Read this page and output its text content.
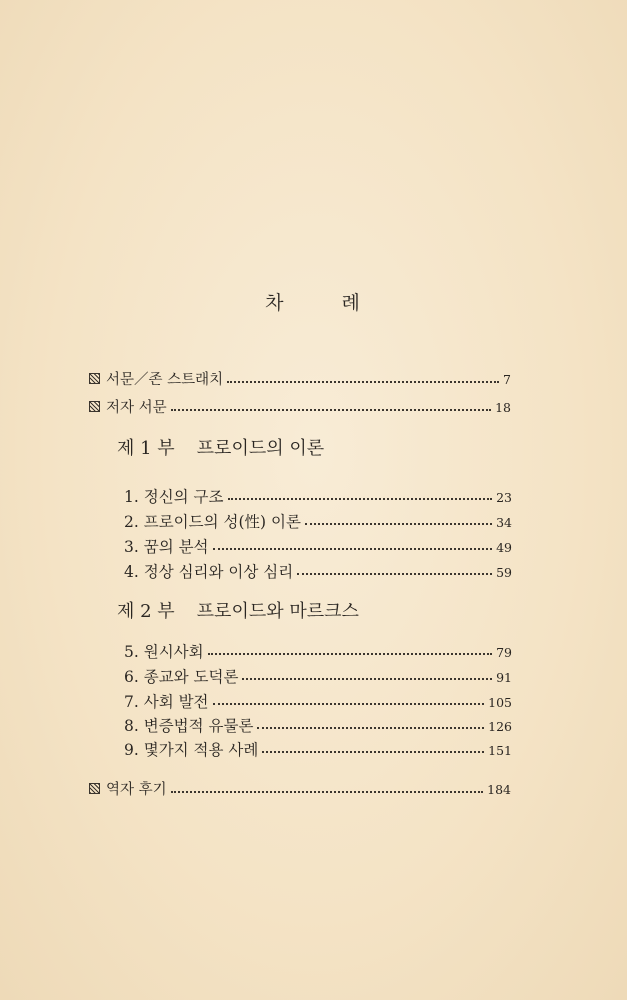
차 례
서문／존 스트래치	7
저자 서문	18
제 1 부 프로이드의 이론
1. 정신의 구조	23
2. 프로이드의 성(性) 이론	34
3. 꿈의 분석	49
4. 정상 심리와 이상 심리	59
제 2 부 프로이드와 마르크스
5. 원시사회	79
6. 종교와 도덕론	91
7. 사회 발전	105
8. 변증법적 유물론	126
9. 몇가지 적용 사례	151
역자 후기	184
